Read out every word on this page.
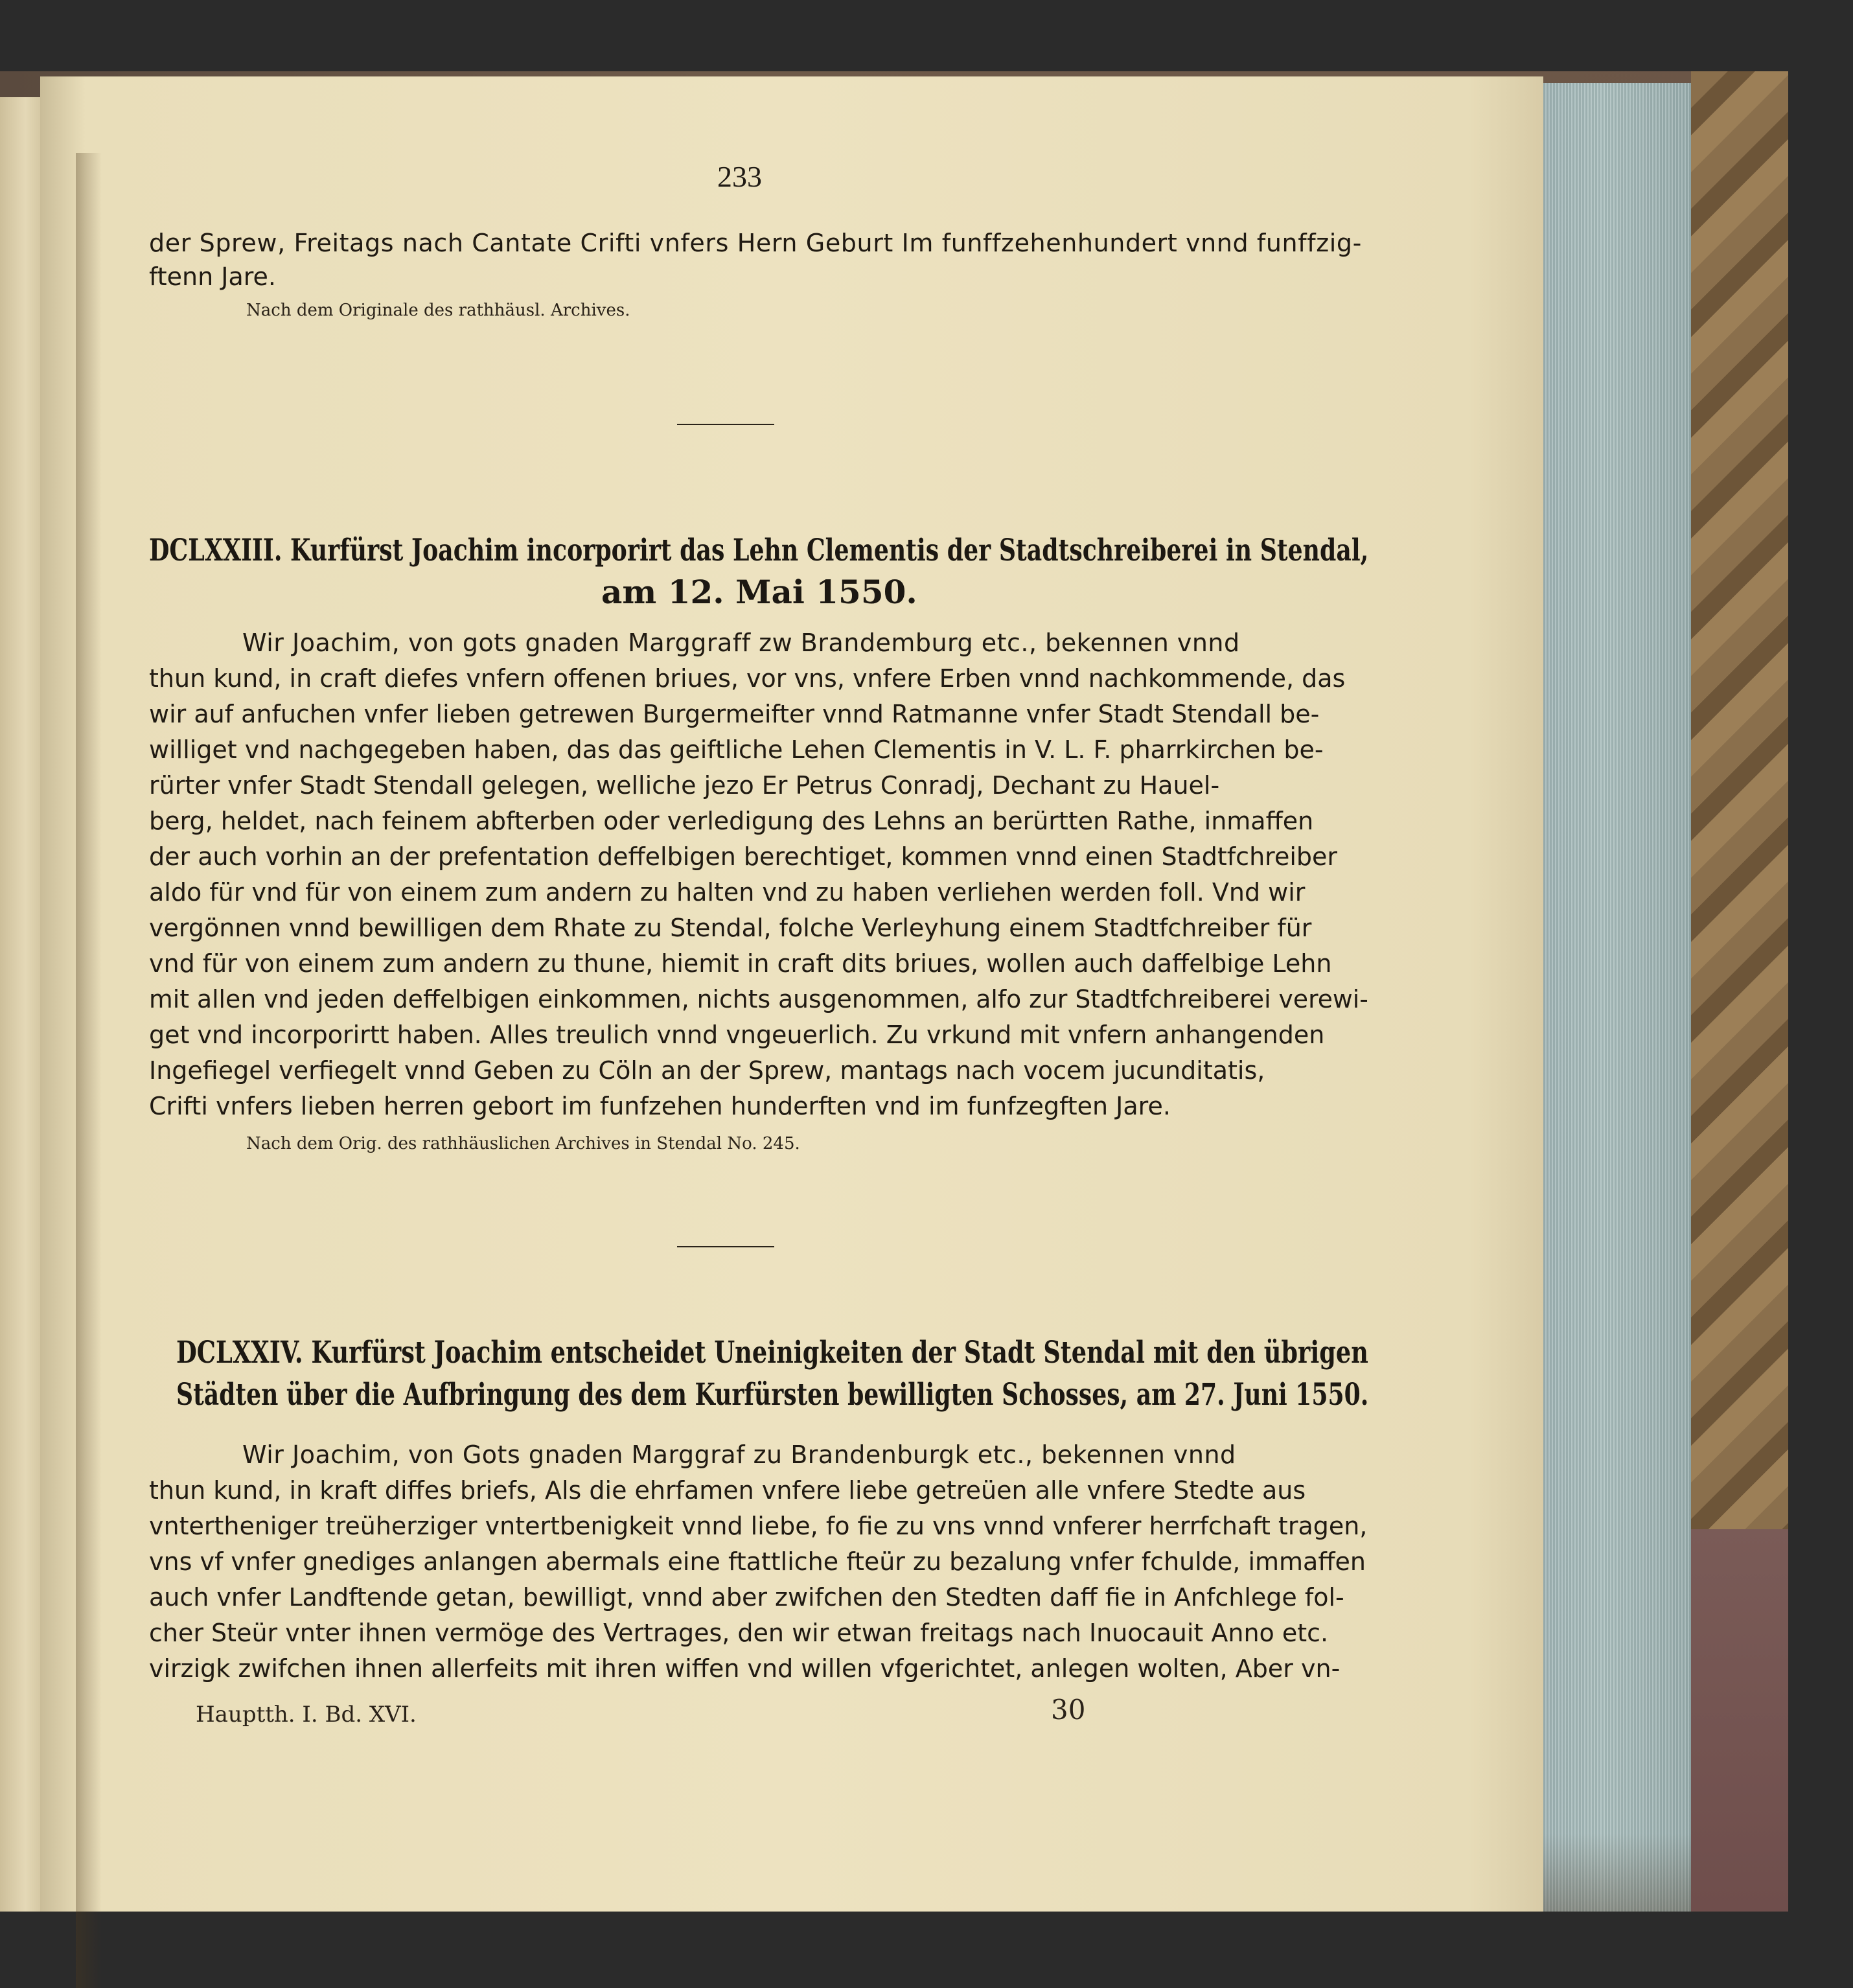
233
der Sprew, Freitags nach Cantate Crifti vnfers Hern Geburt Im funffzehenhundert vnnd funffzig-
ftenn Jare.
Nach dem Originale des rathhäusl. Archives.
DCLXXIII. Kurfürst Joachim incorporirt das Lehn Clementis der Stadtschreiberei in Stendal,
am 12. Mai 1550.
Wir Joachim, von gots gnaden Marggraff zw Brandemburg etc., bekennen vnnd
thun kund, in craft diefes vnfern offenen briues, vor vns, vnfere Erben vnnd nachkommende, das
wir auf anfuchen vnfer lieben getrewen Burgermeifter vnnd Ratmanne vnfer Stadt Stendall be-
williget vnd nachgegeben haben, das das geiftliche Lehen Clementis in V. L. F. pharrkirchen be-
rürter vnfer Stadt Stendall gelegen, welliche jezo Er Petrus Conradj, Dechant zu Hauel-
berg, heldet, nach feinem abfterben oder verledigung des Lehns an berürtten Rathe, inmaffen
der auch vorhin an der prefentation deffelbigen berechtiget, kommen vnnd einen Stadtfchreiber
aldo für vnd für von einem zum andern zu halten vnd zu haben verliehen werden foll. Vnd wir
vergönnen vnnd bewilligen dem Rhate zu Stendal, folche Verleyhung einem Stadtfchreiber für
vnd für von einem zum andern zu thune, hiemit in craft dits briues, wollen auch daffelbige Lehn
mit allen vnd jeden deffelbigen einkommen, nichts ausgenommen, alfo zur Stadtfchreiberei verewi-
get vnd incorporirtt haben. Alles treulich vnnd vngeuerlich. Zu vrkund mit vnfern anhangenden
Ingefiegel verfiegelt vnnd Geben zu Cöln an der Sprew, mantags nach vocem jucunditatis,
Crifti vnfers lieben herren gebort im funfzehen hunderften vnd im funfzegften Jare.
Nach dem Orig. des rathhäuslichen Archives in Stendal No. 245.
DCLXXIV. Kurfürst Joachim entscheidet Uneinigkeiten der Stadt Stendal mit den übrigen
Städten über die Aufbringung des dem Kurfürsten bewilligten Schosses, am 27. Juni 1550.
Wir Joachim, von Gots gnaden Marggraf zu Brandenburgk etc., bekennen vnnd
thun kund, in kraft diffes briefs, Als die ehrfamen vnfere liebe getreüen alle vnfere Stedte aus
vntertheniger treüherziger vntertbenigkeit vnnd liebe, fo fie zu vns vnnd vnferer herrfchaft tragen,
vns vf vnfer gnediges anlangen abermals eine ftattliche fteür zu bezalung vnfer fchulde, immaffen
auch vnfer Landftende getan, bewilligt, vnnd aber zwifchen den Stedten daff fie in Anfchlege fol-
cher Steür vnter ihnen vermöge des Vertrages, den wir etwan freitags nach Inuocauit Anno etc.
virzigk zwifchen ihnen allerfeits mit ihren wiffen vnd willen vfgerichtet, anlegen wolten, Aber vn-
Hauptth. I. Bd. XVI.	30
